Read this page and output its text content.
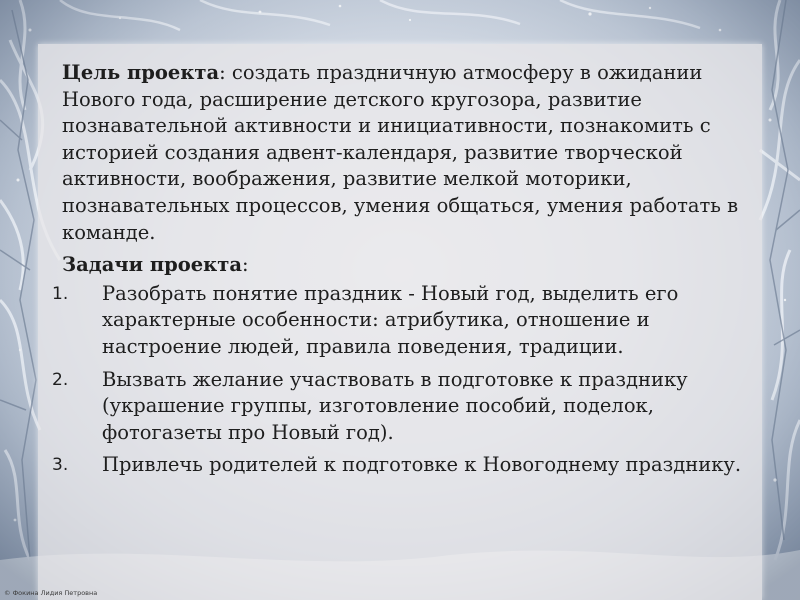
Цель проекта: создать праздничную атмосферу в ожидании Нового года, расширение детского кругозора, развитие познавательной активности и инициативности, познакомить с историей создания адвент-календаря, развитие творческой активности, воображения, развитие мелкой моторики, познавательных процессов, умения общаться, умения работать в команде.

Задачи проекта:

1. Разобрать понятие праздник - Новый год, выделить его характерные особенности: атрибутика, отношение и настроение людей, правила поведения, традиции.
2. Вызвать желание участвовать в подготовке к празднику (украшение группы, изготовление пособий, поделок, фотогазеты про Новый год).
3. Привлечь родителей к подготовке к Новогоднему празднику.
© Фокина Лидия Петровна
